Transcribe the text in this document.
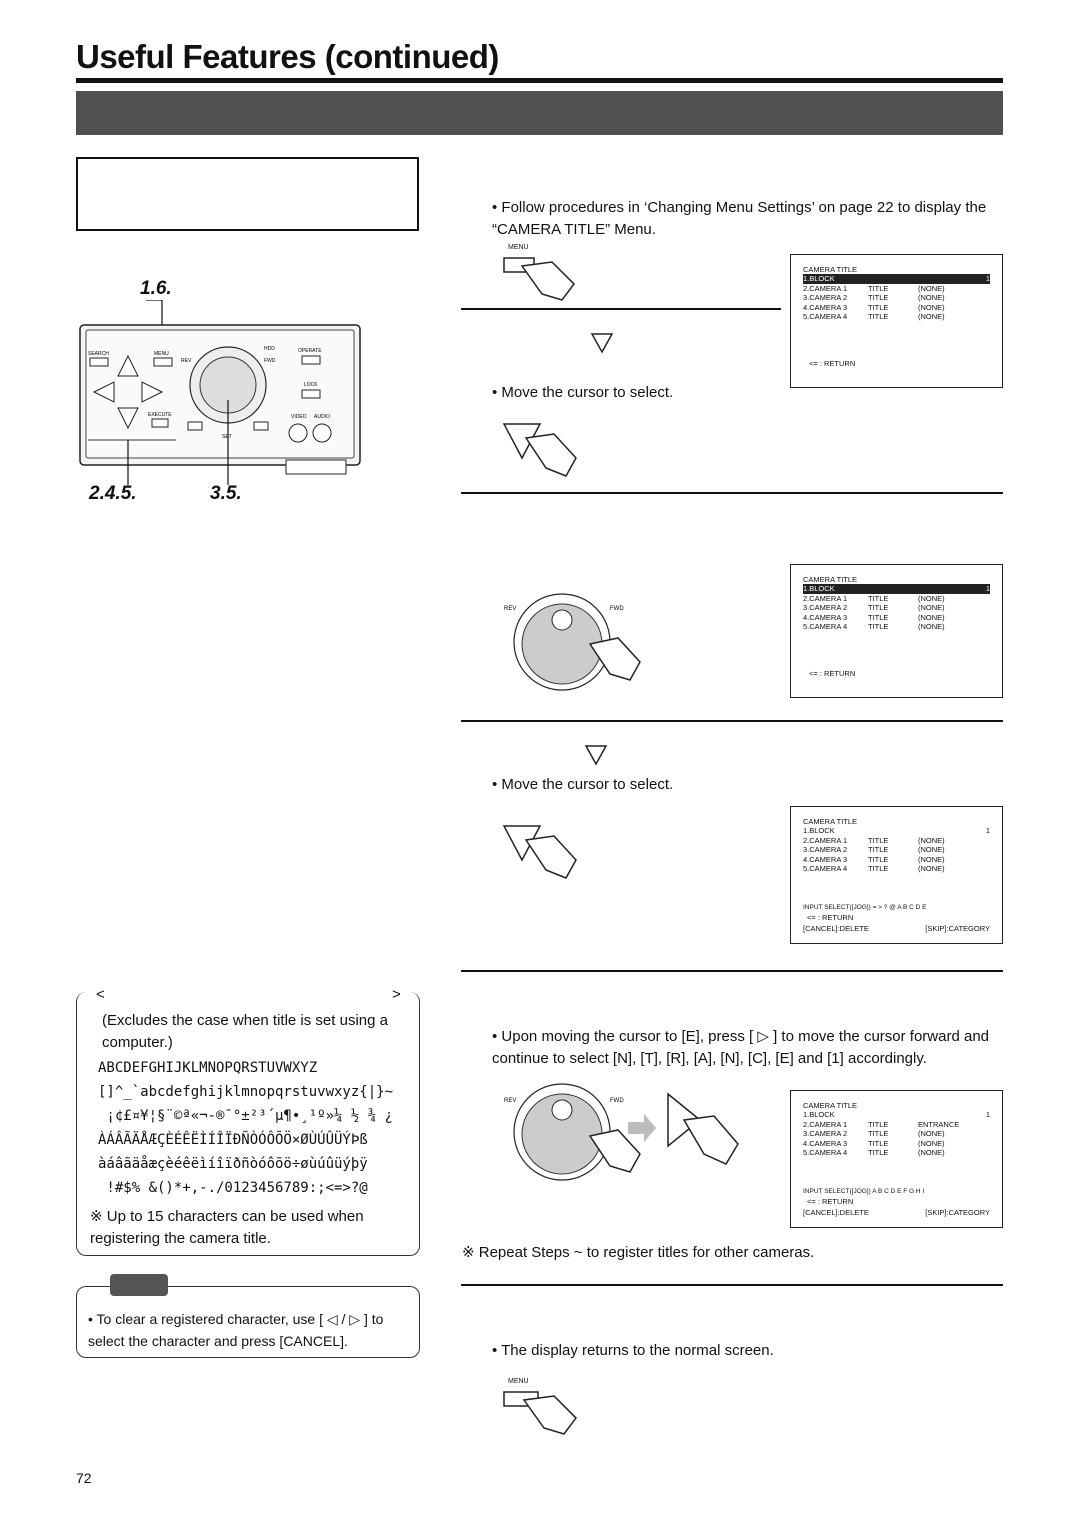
Useful Features (continued)
1.6.
SEARCH	MENU
EXECUTE
REV	FWD
HDD	OPERATE
LOCK
VIDEO AUDIO
SET
2.4.5.	3.5.
<	>
(Excludes the case when title is set using a computer.)
ABCDEFGHIJKLMNOPQRSTUVWXYZ
[]^_`abcdefghijklmnopqrstuvwxyz{|}~
¡¢£¤¥¦§¨©ª«¬-®¯°±²³´µ¶•¸¹º»¼ ½ ¾ ¿
ÀÁÂÃÄÅÆÇÈÉÊËÌÍÎÏÐÑÒÓÔÕÖ×ØÙÚÛÜÝÞß
àáâãäåæçèéêëìíîïðñòóôõö÷øùúûüýþÿ
!#$% &()*+,-./0123456789:;<=>?@
※ Up to 15 characters can be used when registering the camera title.
• To clear a registered character, use [ ◁ / ▷ ] to select the character and press [CANCEL].
• Follow procedures in ‘Changing Menu Settings’ on page 22 to display the “CAMERA TITLE” Menu.
MENU
CAMERA TITLE
1.BLOCK	1
2.CAMERA 1	TITLE	(NONE)
3.CAMERA 2	TITLE	(NONE)
4.CAMERA 3	TITLE	(NONE)
5.CAMERA 4	TITLE	(NONE)
<= : RETURN
• Move the cursor to select.
REV	FWD
CAMERA TITLE
1.BLOCK	1
2.CAMERA 1	TITLE	(NONE)
3.CAMERA 2	TITLE	(NONE)
4.CAMERA 3	TITLE	(NONE)
5.CAMERA 4	TITLE	(NONE)
<= : RETURN
• Move the cursor to select.
CAMERA TITLE
1.BLOCK	1
2.CAMERA 1	TITLE	(NONE)
3.CAMERA 2	TITLE	(NONE)
4.CAMERA 3	TITLE	(NONE)
5.CAMERA 4	TITLE	(NONE)
INPUT SELECT([JOG]) = > ? @ A B C D E
<= : RETURN
[CANCEL]:DELETE	[SKIP]:CATEGORY
• Upon moving the cursor to [E], press [ ▷ ] to move the cursor forward and continue to select [N], [T], [R], [A], [N], [C], [E] and [1] accordingly.
REV	FWD	CAMERA TITLE
1.BLOCK	1
2.CAMERA 1	TITLE	ENTRANCE
3.CAMERA 2	TITLE	(NONE)
4.CAMERA 3	TITLE	(NONE)
5.CAMERA 4	TITLE	(NONE)
INPUT SELECT([JOG]) A B C D E F G H I
<= : RETURN
[CANCEL]:DELETE	[SKIP]:CATEGORY
※ Repeat Steps ~ to register titles for other cameras.
• The display returns to the normal screen.
MENU
72
